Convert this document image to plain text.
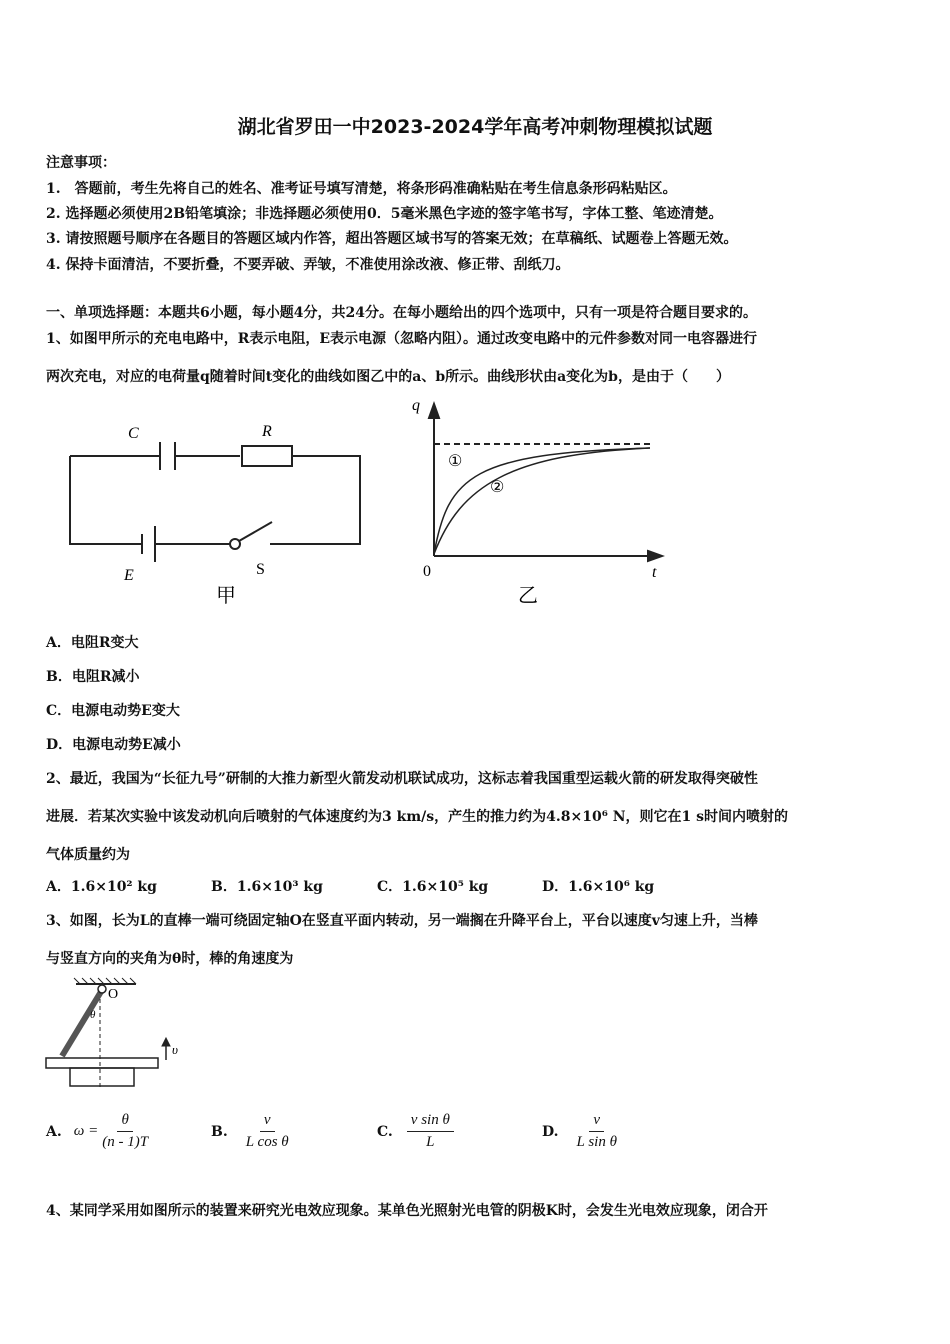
湖北省罗田一中2023-2024学年高考冲刺物理模拟试题
注意事项：
1.　答题前，考生先将自己的姓名、准考证号填写清楚，将条形码准确粘贴在考生信息条形码粘贴区。
2. 选择题必须使用2B铅笔填涂；非选择题必须使用0．5毫米黑色字迹的签字笔书写，字体工整、笔迹清楚。
3. 请按照题号顺序在各题目的答题区域内作答，超出答题区域书写的答案无效；在草稿纸、试题卷上答题无效。
4. 保持卡面清洁，不要折叠，不要弄破、弄皱，不准使用涂改液、修正带、刮纸刀。
一、单项选择题：本题共6小题，每小题4分，共24分。在每小题给出的四个选项中，只有一项是符合题目要求的。
1、如图甲所示的充电电路中，R表示电阻，E表示电源（忽略内阻）。通过改变电路中的元件参数对同一电容器进行
两次充电，对应的电荷量q随着时间t变化的曲线如图乙中的a、b所示。曲线形状由a变化为b，是由于（　　）
C	R
E	S
甲
q
t
0
①
②
乙
A．电阻R变大
B．电阻R减小
C．电源电动势E变大
D．电源电动势E减小
2、最近，我国为“长征九号”研制的大推力新型火箭发动机联试成功，这标志着我国重型运载火箭的研发取得突破性
进展．若某次实验中该发动机向后喷射的气体速度约为3 km/s，产生的推力约为4.8×10⁶ N，则它在1 s时间内喷射的
气体质量约为
A．1.6×10² kg	B．1.6×10³ kg	C．1.6×10⁵ kg	D．1.6×10⁶ kg
3、如图，长为L的直棒一端可绕固定轴O在竖直平面内转动，另一端搁在升降平台上，平台以速度v匀速上升，当棒
与竖直方向的夹角为θ时，棒的角速度为
O
θ
υ
A. $\omega = \frac{\theta}{(n - 1)T}$	B. $\frac{v}{\text{L cos θ}}$	C. $\frac{\text{v sin θ}}{L}$	D. $\frac{v}{\text{L sin θ}}$
4、某同学采用如图所示的装置来研究光电效应现象。某单色光照射光电管的阴极K时，会发生光电效应现象，闭合开
